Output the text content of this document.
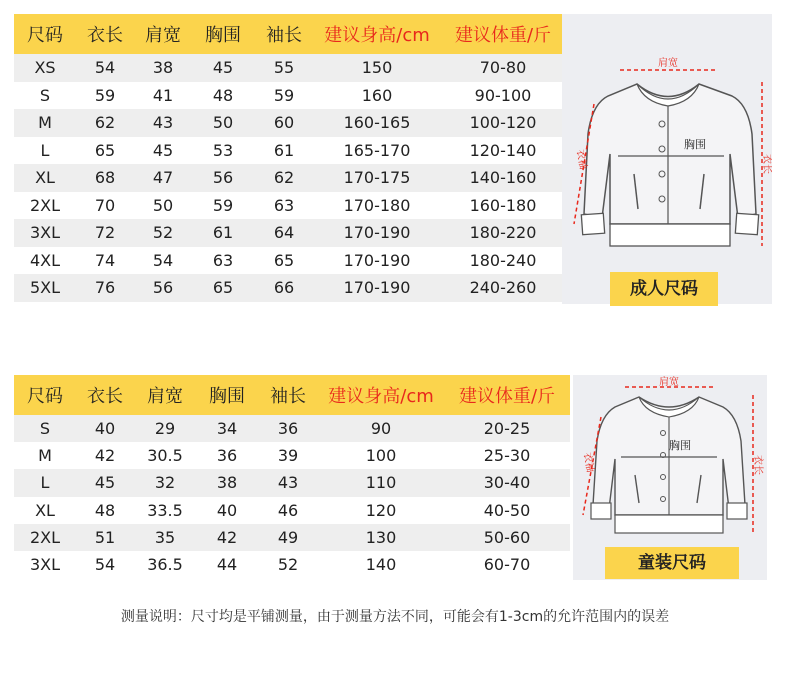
尺码	衣长	肩宽	胸围	袖长	建议身高/cm	建议体重/斤
XS	54	38	45	55	150	70-80
S	59	41	48	59	160	90-100
M	62	43	50	60	160-165	100-120
L	65	45	53	61	165-170	120-140
XL	68	47	56	62	170-175	140-160
2XL	70	50	59	63	170-180	160-180
3XL	72	52	61	64	170-190	180-220
4XL	74	54	63	65	170-190	180-240
5XL	76	56	65	66	170-190	240-260
肩宽
胸围
衣袖	衣长
成人尺码
尺码	衣长	肩宽	胸围	袖长	建议身高/cm	建议体重/斤
S	40	29	34	36	90	20-25
M	42	30.5	36	39	100	25-30
L	45	32	38	43	110	30-40
XL	48	33.5	40	46	120	40-50
2XL	51	35	42	49	130	50-60
3XL	54	36.5	44	52	140	60-70
肩宽
胸围
衣袖	衣长
童装尺码
测量说明：尺寸均是平铺测量，由于测量方法不同，可能会有1-3cm的允许范围内的误差
